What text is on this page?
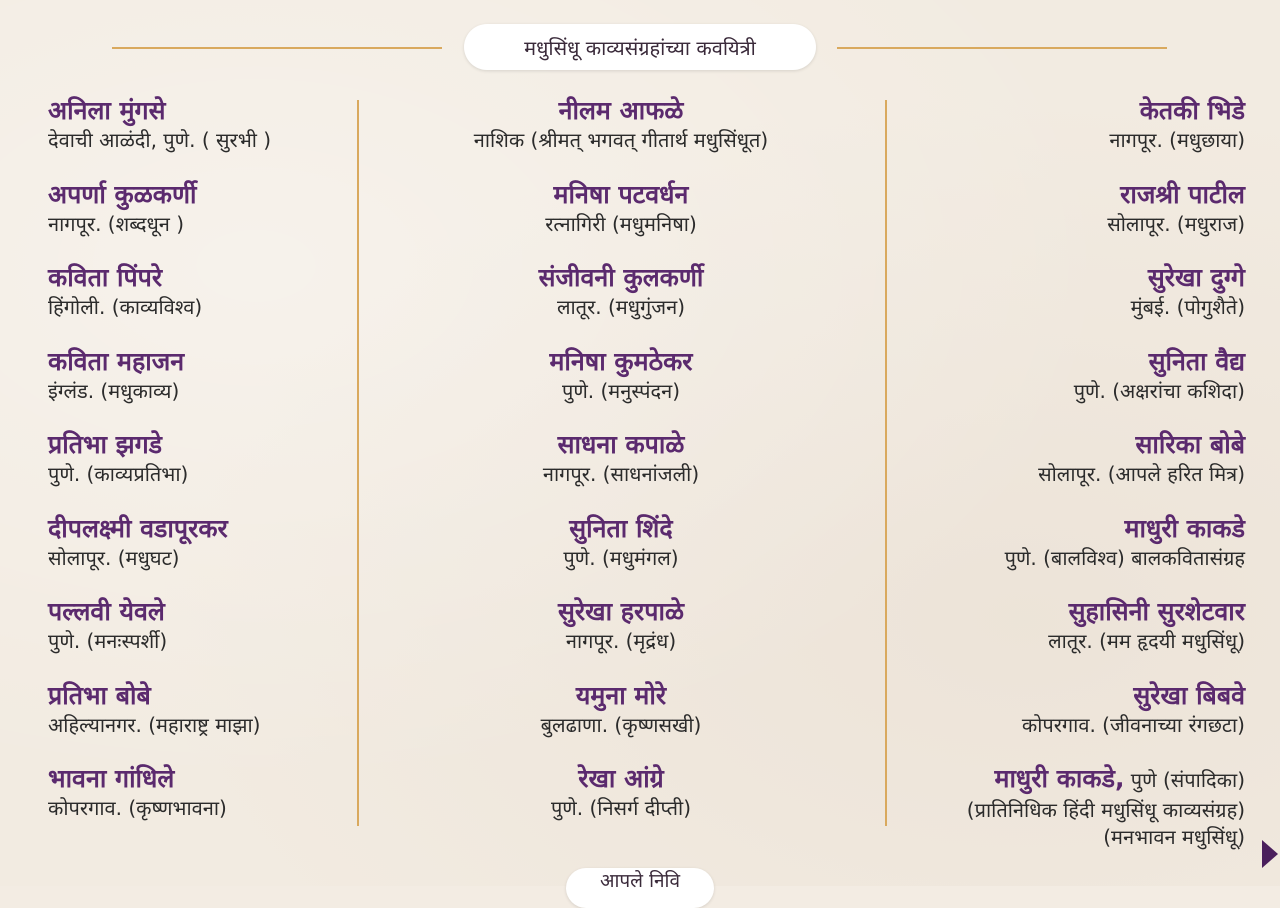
मधुसिंधू काव्यसंग्रहांच्या कवयित्री
अनिला मुंगसे
देवाची आळंदी, पुणे. ( सुरभी )
अपर्णा कुळकर्णी
नागपूर. (शब्दधून )
कविता पिंपरे
हिंगोली. (काव्यविश्व)
कविता महाजन
इंग्लंड. (मधुकाव्य)
प्रतिभा झगडे
पुणे. (काव्यप्रतिभा)
दीपलक्ष्मी वडापूरकर
सोलापूर. (मधुघट)
पल्लवी येवले
पुणे. (मनःस्पर्शी)
प्रतिभा बोबे
अहिल्यानगर. (महाराष्ट्र माझा)
भावना गांधिले
कोपरगाव. (कृष्णभावना)
नीलम आफळे
नाशिक (श्रीमत् भगवत् गीतार्थ मधुसिंधूत)
मनिषा पटवर्धन
रत्नागिरी (मधुमनिषा)
संजीवनी कुलकर्णी
लातूर. (मधुगुंजन)
मनिषा कुमठेकर
पुणे. (मनुस्पंदन)
साधना कपाळे
नागपूर. (साधनांजली)
सुनिता शिंदे
पुणे. (मधुमंगल)
सुरेखा हरपाळे
नागपूर. (मृद्रंध)
यमुना मोरे
बुलढाणा. (कृष्णसखी)
रेखा आंग्रे
पुणे. (निसर्ग दीप्ती)
केतकी भिडे
नागपूर. (मधुछाया)
राजश्री पाटील
सोलापूर. (मधुराज)
सुरेखा दुग्गे
मुंबई. (पोगुशैते)
सुनिता वैद्य
पुणे. (अक्षरांचा कशिदा)
सारिका बोबे
सोलापूर. (आपले हरित मित्र)
माधुरी काकडे
पुणे. (बालविश्व) बालकवितासंग्रह
सुहासिनी सुरशेटवार
लातूर. (मम हृदयी मधुसिंधू)
सुरेखा बिबवे
कोपरगाव. (जीवनाच्या रंगछटा)
माधुरी काकडे, पुणे (संपादिका)
(प्रातिनिधिक हिंदी मधुसिंधू काव्यसंग्रह)
(मनभावन मधुसिंधू)
आपले निवि
